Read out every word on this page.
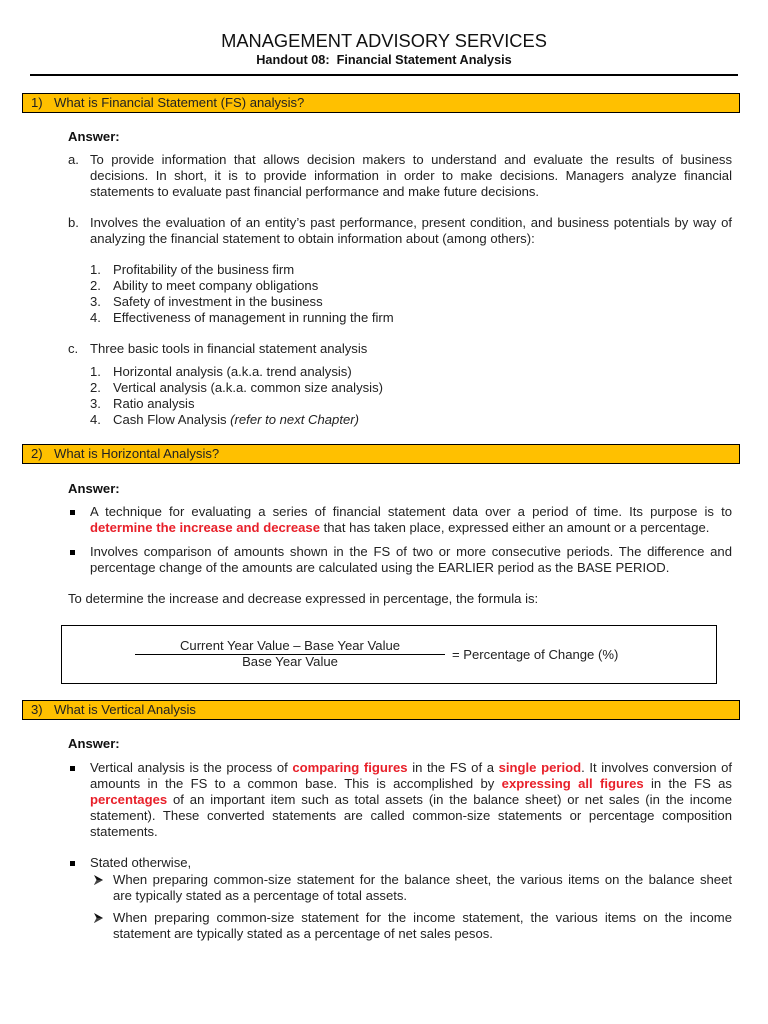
MANAGEMENT ADVISORY SERVICES
Handout 08:  Financial Statement Analysis
1) What is Financial Statement (FS) analysis?
Answer:
a. To provide information that allows decision makers to understand and evaluate the results of business
decisions. In short, it is to provide information in order to make decisions. Managers analyze financial
statements to evaluate past financial performance and make future decisions.
b. Involves the evaluation of an entity’s past performance, present condition, and business potentials by way of
analyzing the financial statement to obtain information about (among others):
1. Profitability of the business firm
2. Ability to meet company obligations
3. Safety of investment in the business
4. Effectiveness of management in running the firm
c. Three basic tools in financial statement analysis
1. Horizontal analysis (a.k.a. trend analysis)
2. Vertical analysis (a.k.a. common size analysis)
3. Ratio analysis
4. Cash Flow Analysis (refer to next Chapter)
2) What is Horizontal Analysis?
Answer:
A technique for evaluating a series of financial statement data over a period of time. Its purpose is to
determine the increase and decrease that has taken place, expressed either an amount or a percentage.
Involves comparison of amounts shown in the FS of two or more consecutive periods. The difference and
percentage change of the amounts are calculated using the EARLIER period as the BASE PERIOD.
To determine the increase and decrease expressed in percentage, the formula is:
Current Year Value – Base Year Value
Base Year Value	= Percentage of Change (%)
3) What is Vertical Analysis
Answer:
Vertical analysis is the process of comparing figures in the FS of a single period. It involves conversion of
amounts in the FS to a common base. This is accomplished by expressing all figures in the FS as
percentages of an important item such as total assets (in the balance sheet) or net sales (in the income
statement). These converted statements are called common-size statements or percentage composition
statements.
Stated otherwise,
When preparing common-size statement for the balance sheet, the various items on the balance sheet
are typically stated as a percentage of total assets.
When preparing common-size statement for the income statement, the various items on the income
statement are typically stated as a percentage of net sales pesos.
